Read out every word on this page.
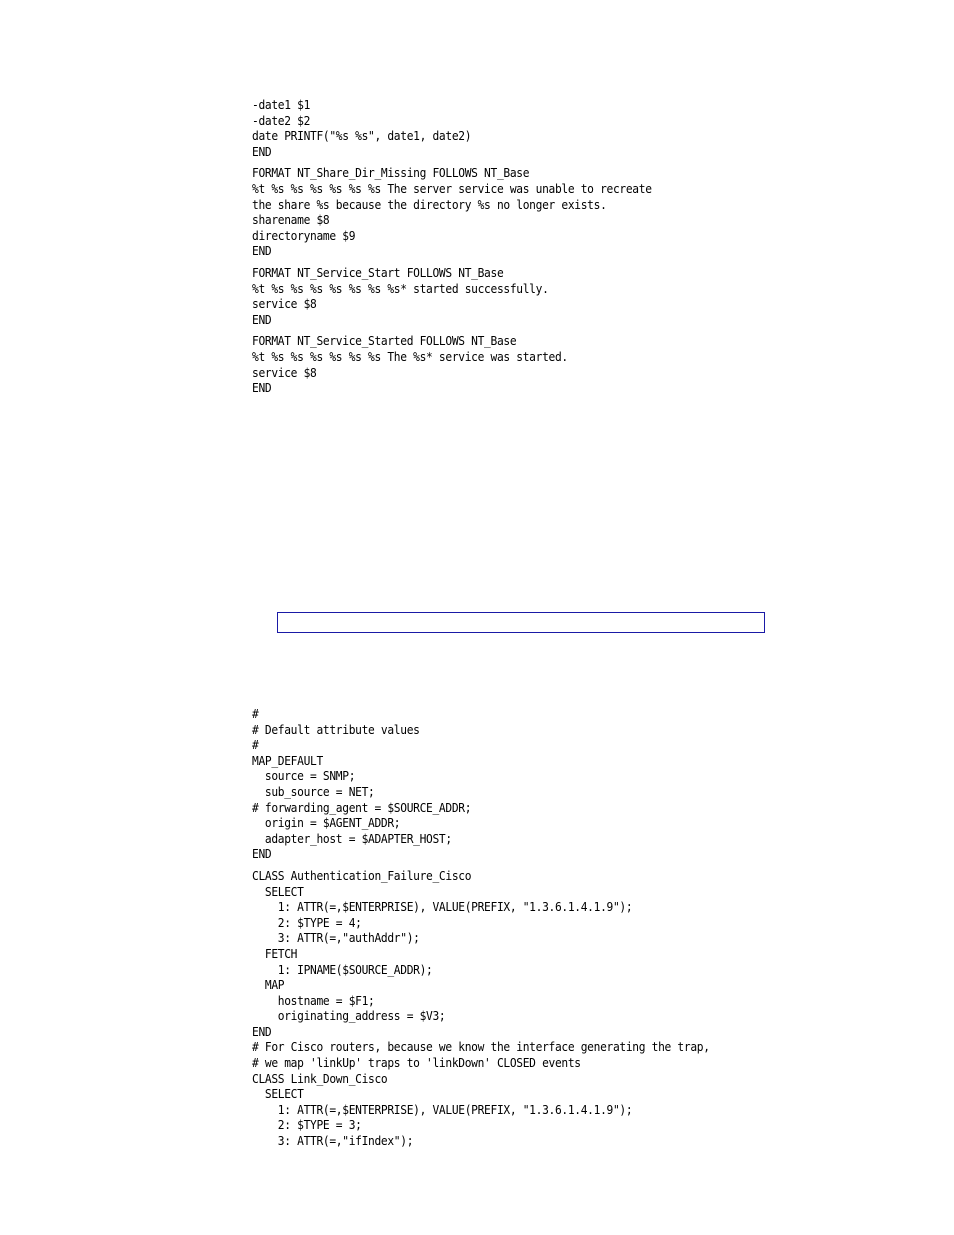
-date1 $1
-date2 $2
date PRINTF("%s %s", date1, date2)
END
FORMAT NT_Share_Dir_Missing FOLLOWS NT_Base
%t %s %s %s %s %s %s The server service was unable to recreate
the share %s because the directory %s no longer exists.
sharename $8
directoryname $9
END
FORMAT NT_Service_Start FOLLOWS NT_Base
%t %s %s %s %s %s %s %s* started successfully.
service $8
END
FORMAT NT_Service_Started FOLLOWS NT_Base
%t %s %s %s %s %s %s The %s* service was started.
service $8
END
#
# Default attribute values
#
MAP_DEFAULT
source = SNMP;
sub_source = NET;
# forwarding_agent = $SOURCE_ADDR;
origin = $AGENT_ADDR;
adapter_host = $ADAPTER_HOST;
END
CLASS Authentication_Failure_Cisco
SELECT
1: ATTR(=,$ENTERPRISE), VALUE(PREFIX, "1.3.6.1.4.1.9");
2: $TYPE = 4;
3: ATTR(=,"authAddr");
FETCH
1: IPNAME($SOURCE_ADDR);
MAP
hostname = $F1;
originating_address = $V3;
END
# For Cisco routers, because we know the interface generating the trap,
# we map 'linkUp' traps to 'linkDown' CLOSED events
CLASS Link_Down_Cisco
SELECT
1: ATTR(=,$ENTERPRISE), VALUE(PREFIX, "1.3.6.1.4.1.9");
2: $TYPE = 3;
3: ATTR(=,"ifIndex");
